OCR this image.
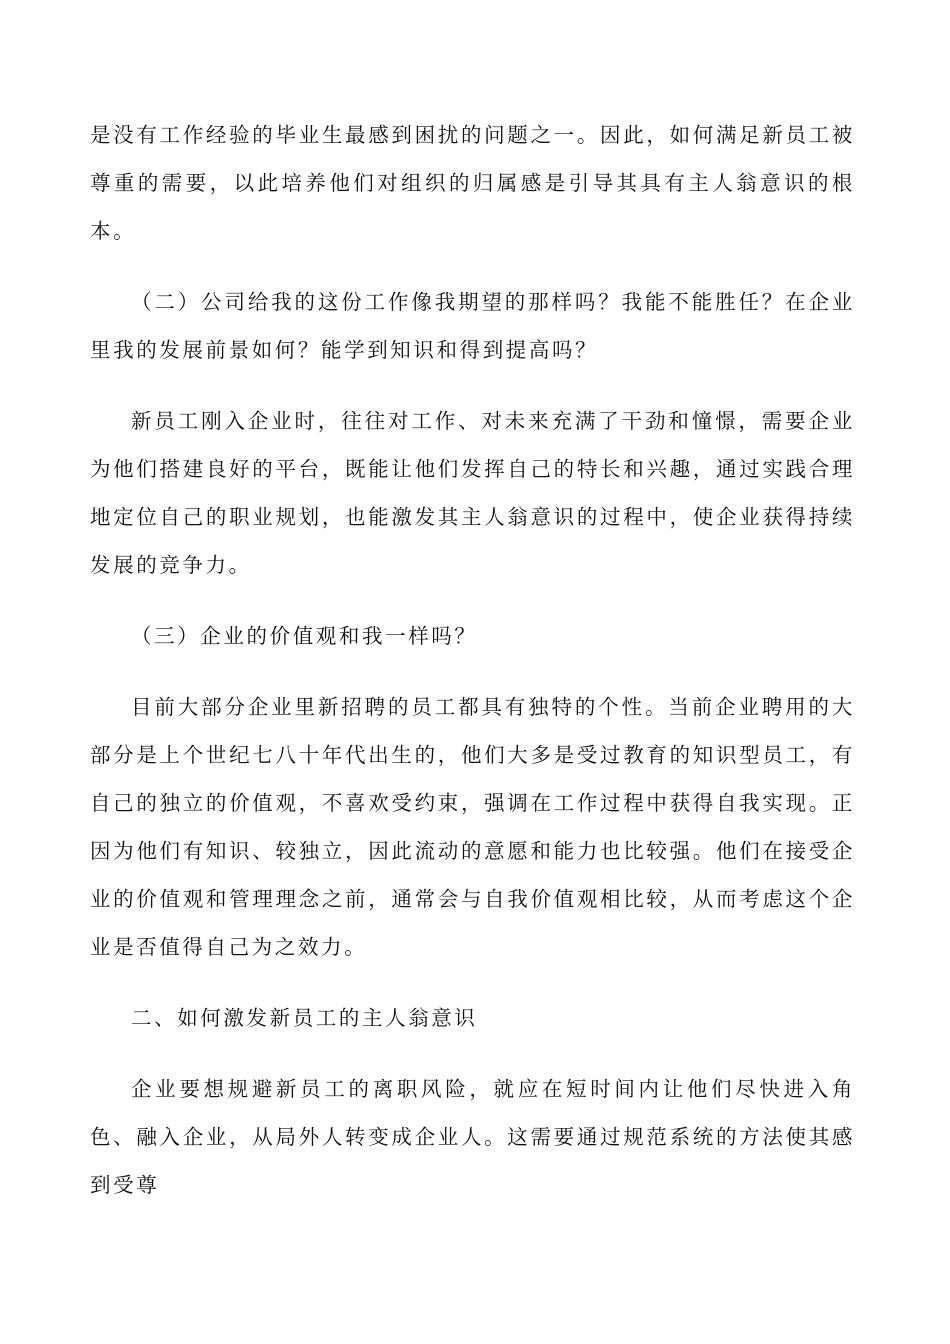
是没有工作经验的毕业生最感到困扰的问题之一。因此，如何满足新员工被尊重的需要，以此培养他们对组织的归属感是引导其具有主人翁意识的根本。

（二）公司给我的这份工作像我期望的那样吗？我能不能胜任？在企业里我的发展前景如何？能学到知识和得到提高吗？

新员工刚入企业时，往往对工作、对未来充满了干劲和憧憬，需要企业为他们搭建良好的平台，既能让他们发挥自己的特长和兴趣，通过实践合理地定位自己的职业规划，也能激发其主人翁意识的过程中，使企业获得持续发展的竞争力。

（三）企业的价值观和我一样吗？

目前大部分企业里新招聘的员工都具有独特的个性。当前企业聘用的大部分是上个世纪七八十年代出生的，他们大多是受过教育的知识型员工，有自己的独立的价值观，不喜欢受约束，强调在工作过程中获得自我实现。正因为他们有知识、较独立，因此流动的意愿和能力也比较强。他们在接受企业的价值观和管理理念之前，通常会与自我价值观相比较，从而考虑这个企业是否值得自己为之效力。

二、如何激发新员工的主人翁意识

企业要想规避新员工的离职风险，就应在短时间内让他们尽快进入角色、融入企业，从局外人转变成企业人。这需要通过规范系统的方法使其感到受尊
